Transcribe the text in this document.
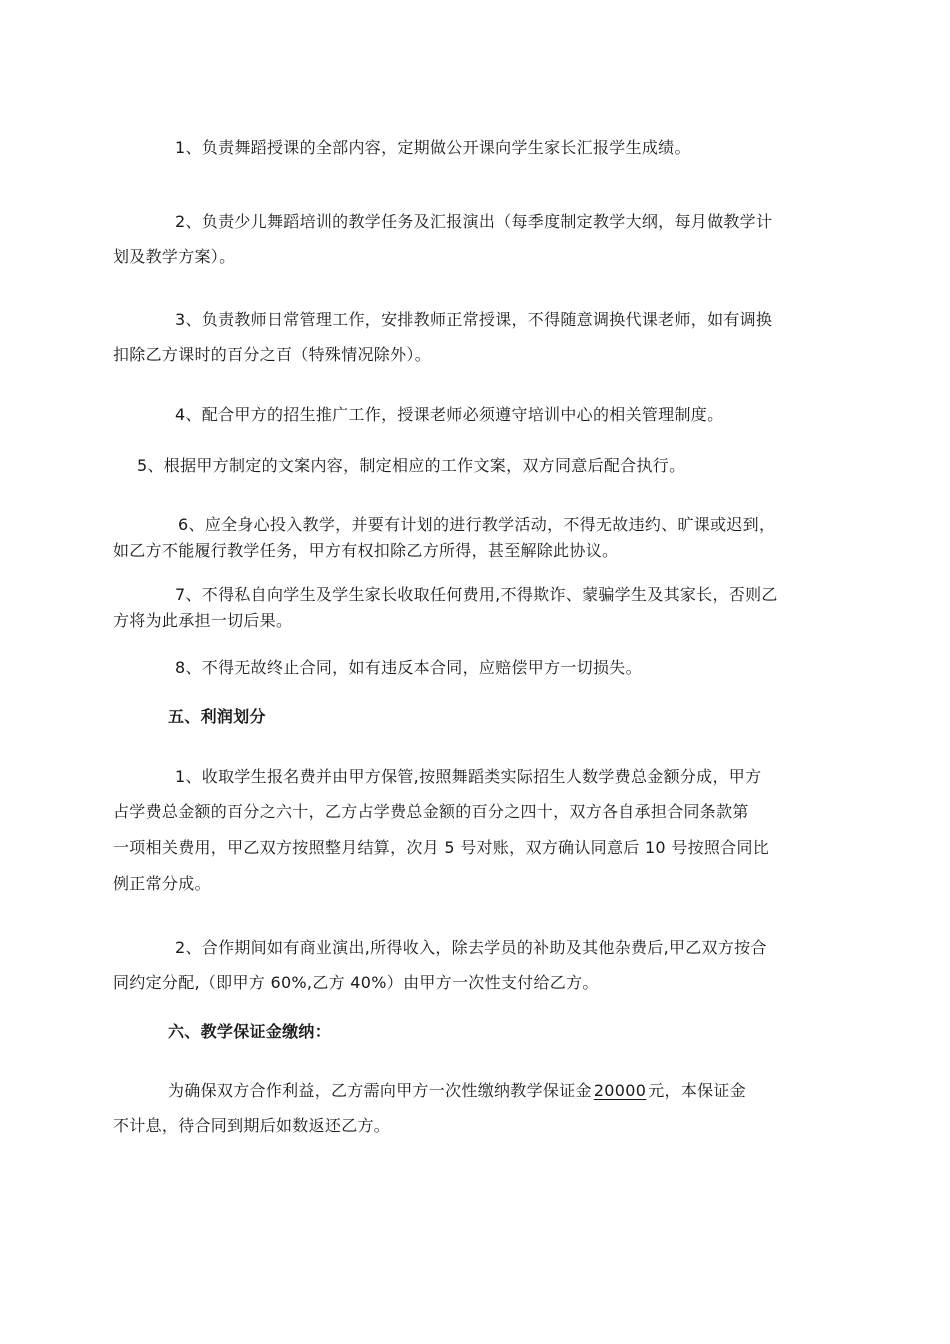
1、负责舞蹈授课的全部内容，定期做公开课向学生家长汇报学生成绩。
2、负责少儿舞蹈培训的教学任务及汇报演出（每季度制定教学大纲，每月做教学计
划及教学方案）。
3、负责教师日常管理工作，安排教师正常授课，不得随意调换代课老师，如有调换
扣除乙方课时的百分之百（特殊情况除外）。
4、配合甲方的招生推广工作，授课老师必须遵守培训中心的相关管理制度。
5、根据甲方制定的文案内容，制定相应的工作文案，双方同意后配合执行。
6、应全身心投入教学，并要有计划的进行教学活动，不得无故违约、旷课或迟到，
如乙方不能履行教学任务，甲方有权扣除乙方所得，甚至解除此协议。
7、不得私自向学生及学生家长收取任何费用,不得欺诈、蒙骗学生及其家长，否则乙
方将为此承担一切后果。
8、不得无故终止合同，如有违反本合同，应赔偿甲方一切损失。
五、利润划分
1、收取学生报名费并由甲方保管,按照舞蹈类实际招生人数学费总金额分成，甲方
占学费总金额的百分之六十，乙方占学费总金额的百分之四十，双方各自承担合同条款第
一项相关费用，甲乙双方按照整月结算，次月 5 号对账，双方确认同意后 10 号按照合同比
例正常分成。
2、合作期间如有商业演出,所得收入，除去学员的补助及其他杂费后,甲乙双方按合
同约定分配,（即甲方 60%,乙方 40%）由甲方一次性支付给乙方。
六、教学保证金缴纳：
为确保双方合作利益，乙方需向甲方一次性缴纳教学保证金20000元，本保证金
不计息，待合同到期后如数返还乙方。
